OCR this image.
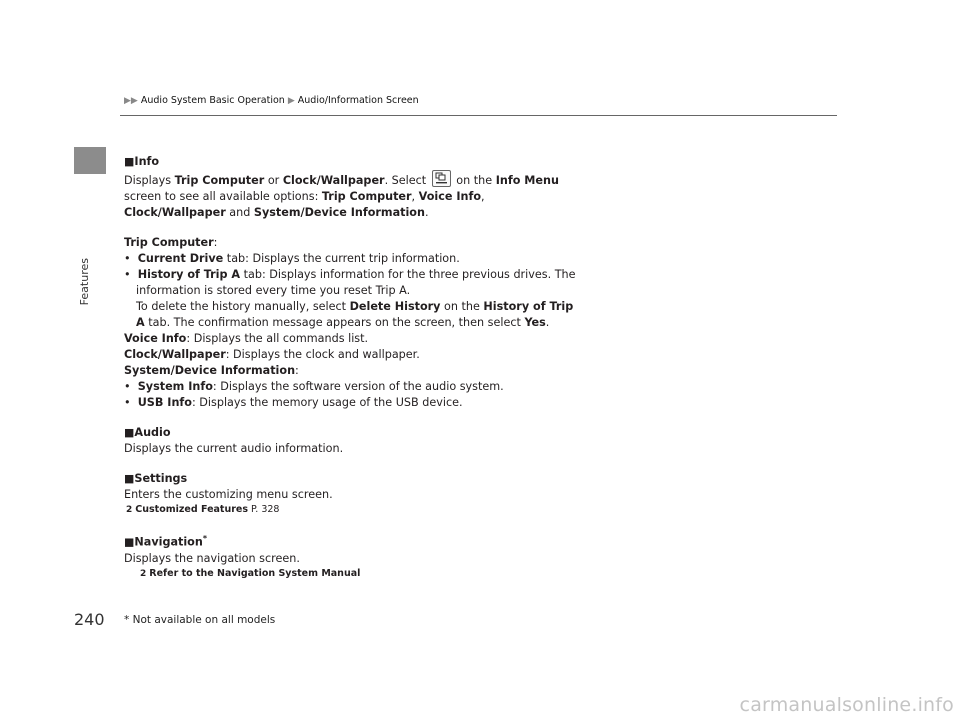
Features
▶▶ Audio System Basic Operation ▶ Audio/Information Screen
■Info
Displays Trip Computer or Clock/Wallpaper. Select
on the Info Menu screen to see all available options: Trip Computer, Voice Info, Clock/Wallpaper and System/Device Information.
Trip Computer:
•  Current Drive tab: Displays the current trip information.
•  History of Trip A tab: Displays information for the three previous drives. The information is stored every time you reset Trip A.
To delete the history manually, select Delete History on the History of Trip A tab. The confirmation message appears on the screen, then select Yes.
Voice Info: Displays the all commands list.
Clock/Wallpaper: Displays the clock and wallpaper.
System/Device Information:
•  System Info: Displays the software version of the audio system.
•  USB Info: Displays the memory usage of the USB device.
■Audio
Displays the current audio information.
■Settings
Enters the customizing menu screen.
2 Customized Features P. 328
■Navigation*
Displays the navigation screen.
2 Refer to the Navigation System Manual
240 * Not available on all models
carmanualsonline.info
